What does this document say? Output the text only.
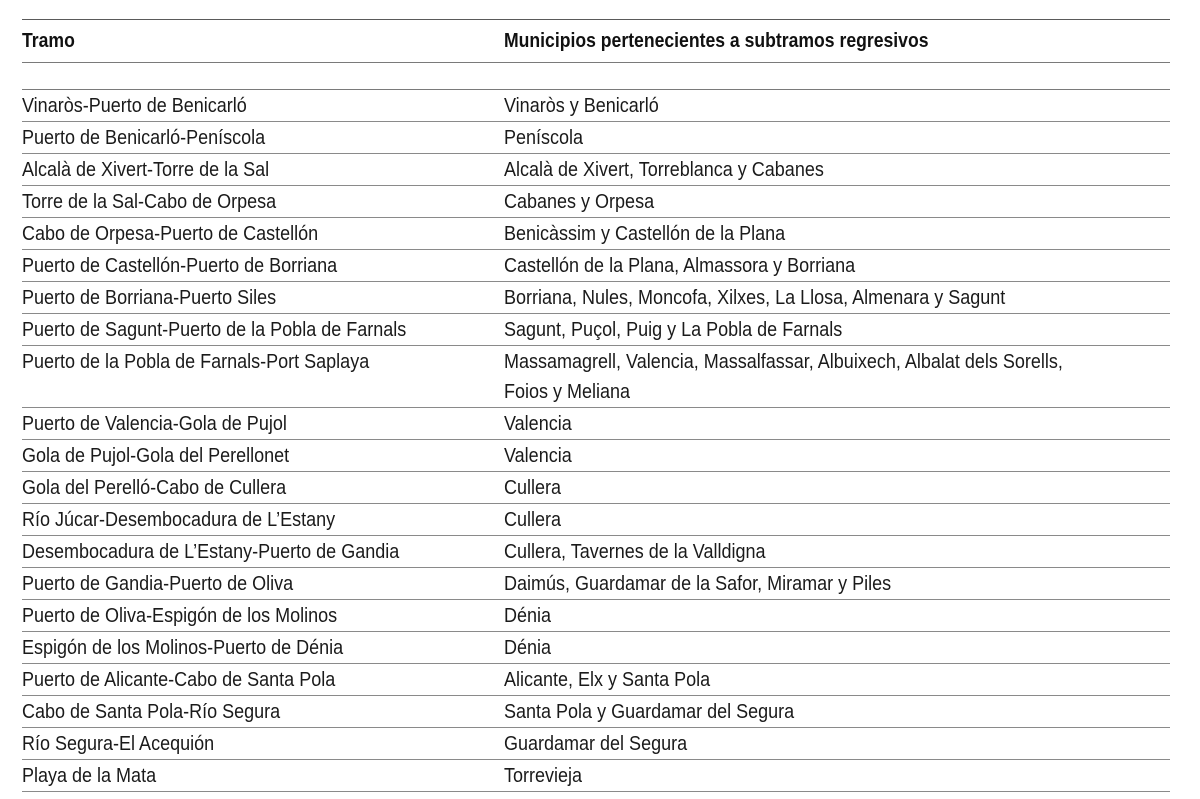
Tramo	Municipios pertenecientes a subtramos regresivos
Vinaròs-Puerto de Benicarló	Vinaròs y Benicarló
Puerto de Benicarló-Peníscola	Peníscola
Alcalà de Xivert-Torre de la Sal	Alcalà de Xivert, Torreblanca y Cabanes
Torre de la Sal-Cabo de Orpesa	Cabanes y Orpesa
Cabo de Orpesa-Puerto de Castellón	Benicàssim y Castellón de la Plana
Puerto de Castellón-Puerto de Borriana	Castellón de la Plana, Almassora y Borriana
Puerto de Borriana-Puerto Siles	Borriana, Nules, Moncofa, Xilxes, La Llosa, Almenara y Sagunt
Puerto de Sagunt-Puerto de la Pobla de Farnals	Sagunt, Puçol, Puig y La Pobla de Farnals
Puerto de la Pobla de Farnals-Port Saplaya	Massamagrell, Valencia, Massalfassar, Albuixech, Albalat dels Sorells,
Foios y Meliana
Puerto de Valencia-Gola de Pujol	Valencia
Gola de Pujol-Gola del Perellonet	Valencia
Gola del Perelló-Cabo de Cullera	Cullera
Río Júcar-Desembocadura de L’Estany	Cullera
Desembocadura de L’Estany-Puerto de Gandia	Cullera, Tavernes de la Valldigna
Puerto de Gandia-Puerto de Oliva	Daimús, Guardamar de la Safor, Miramar y Piles
Puerto de Oliva-Espigón de los Molinos	Dénia
Espigón de los Molinos-Puerto de Dénia	Dénia
Puerto de Alicante-Cabo de Santa Pola	Alicante, Elx y Santa Pola
Cabo de Santa Pola-Río Segura	Santa Pola y Guardamar del Segura
Río Segura-El Acequión	Guardamar del Segura
Playa de la Mata	Torrevieja
